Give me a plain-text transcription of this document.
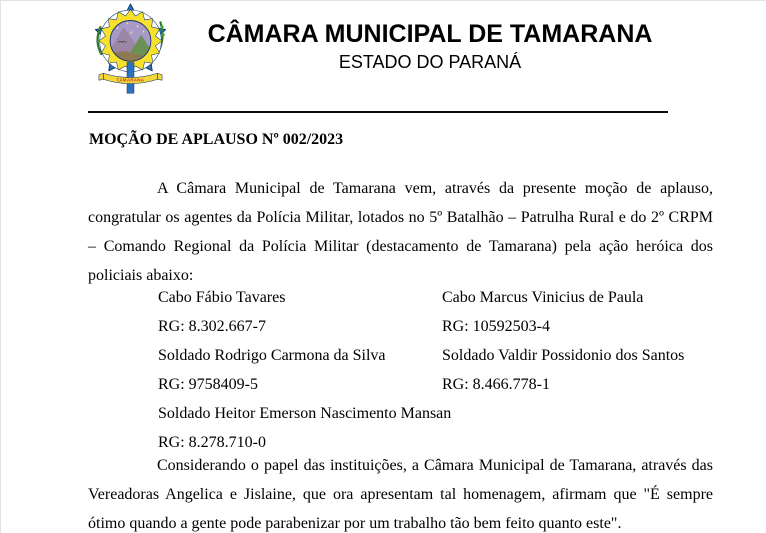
TAMARANA
CÂMARA MUNICIPAL DE TAMARANA
ESTADO DO PARANÁ
MOÇÃO DE APLAUSO Nº 002/2023
A Câmara Municipal de Tamarana vem, através da presente moção de aplauso, congratular os agentes da Polícia Militar, lotados no 5º Batalhão – Patrulha Rural e do 2º CRPM – Comando Regional da Polícia Militar (destacamento de Tamarana) pela ação heróica dos policiais abaixo:
Cabo Fábio Tavares	Cabo Marcus Vinicius de Paula
RG: 8.302.667-7	RG: 10592503-4
Soldado Rodrigo Carmona da Silva	Soldado Valdir Possidonio dos Santos
RG: 9758409-5	RG: 8.466.778-1
Soldado Heitor Emerson Nascimento Mansan
RG: 8.278.710-0
Considerando o papel das instituições, a Câmara Municipal de Tamarana, através das Vereadoras Angelica e Jislaine, que ora apresentam tal homenagem, afirmam que "É sempre ótimo quando a gente pode parabenizar por um trabalho tão bem feito quanto este".
